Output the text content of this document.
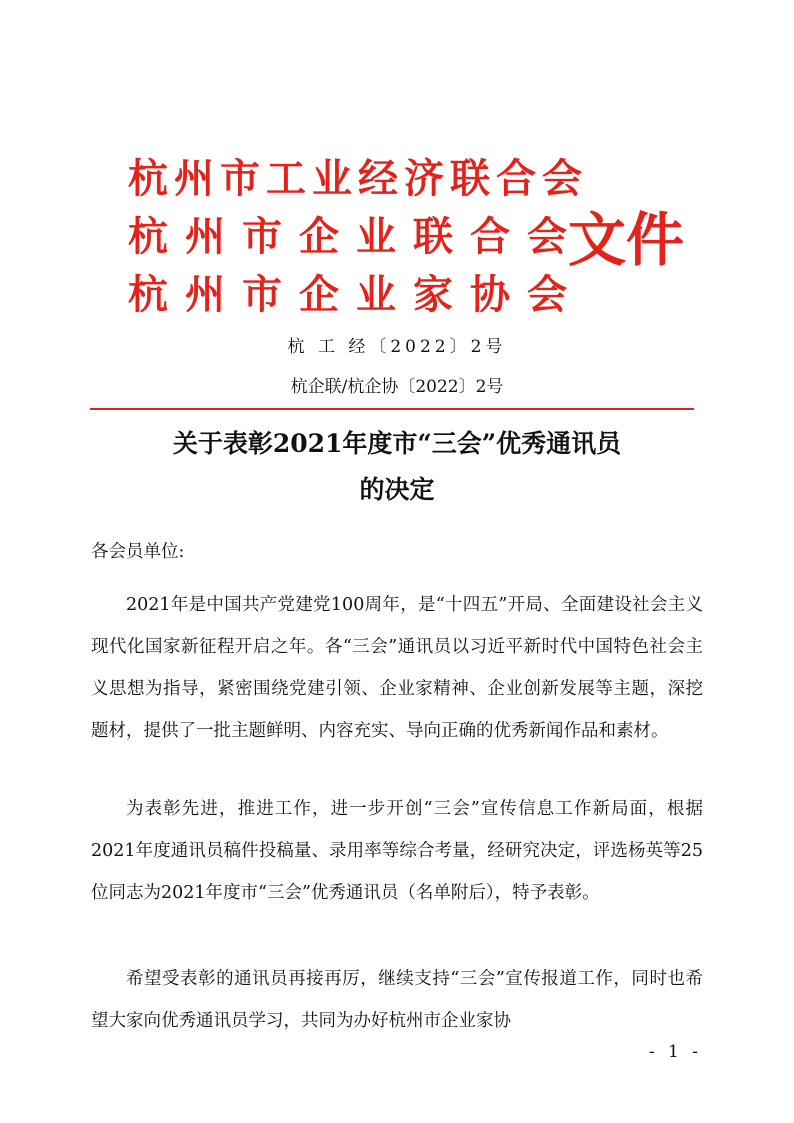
杭州市工业经济联合会
杭州市企业联合会
杭州市企业家协会
文件
杭 工 经〔2022〕2号
杭企联/杭企协〔2022〕2号
关于表彰2021年度市“三会”优秀通讯员
的决定
各会员单位:

2021年是中国共产党建党100周年，是“十四五”开局、全面建设社会主义现代化国家新征程开启之年。各“三会”通讯员以习近平新时代中国特色社会主义思想为指导，紧密围绕党建引领、企业家精神、企业创新发展等主题，深挖题材，提供了一批主题鲜明、内容充实、导向正确的优秀新闻作品和素材。

为表彰先进，推进工作，进一步开创“三会”宣传信息工作新局面，根据2021年度通讯员稿件投稿量、录用率等综合考量，经研究决定，评选杨英等25位同志为2021年度市“三会”优秀通讯员（名单附后），特予表彰。

希望受表彰的通讯员再接再厉，继续支持“三会”宣传报道工作，同时也希望大家向优秀通讯员学习，共同为办好杭州市企业家协

- 1 -
